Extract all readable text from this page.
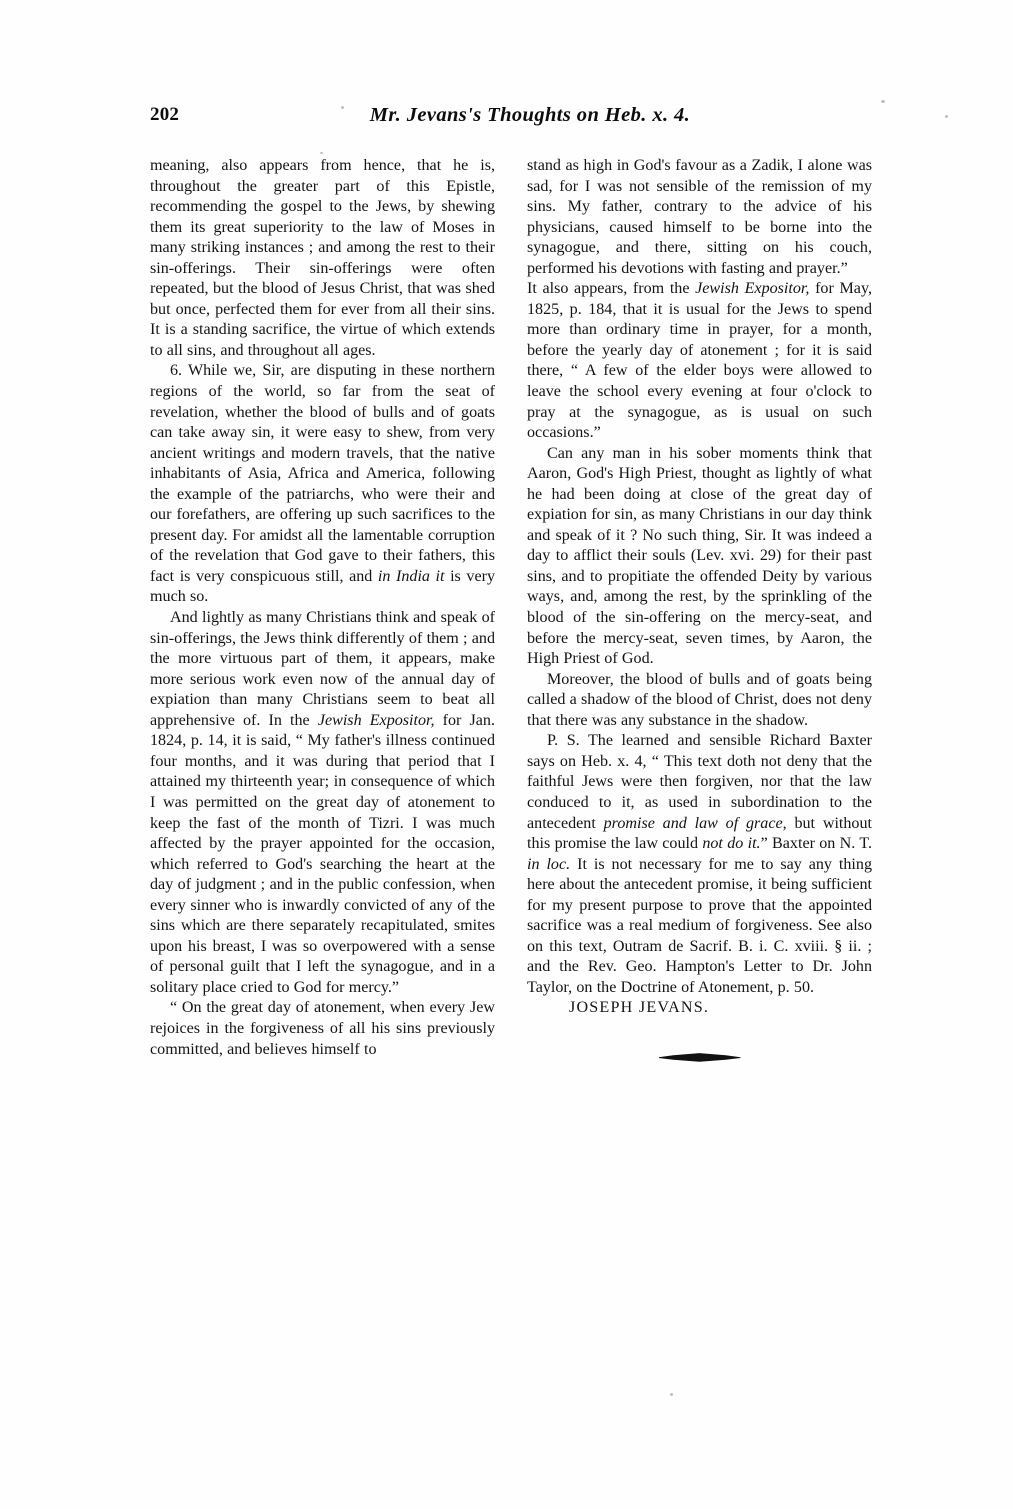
202	Mr. Jevans's Thoughts on Heb. x. 4.

meaning, also appears from hence, that he is, throughout the greater part of this Epistle, recommending the gospel to the Jews, by shewing them its great superiority to the law of Moses in many striking instances ; and among the rest to their sin-offerings. Their sin-offerings were often repeated, but the blood of Jesus Christ, that was shed but once, perfected them for ever from all their sins. It is a standing sacrifice, the virtue of which extends to all sins, and throughout all ages.

6. While we, Sir, are disputing in these northern regions of the world, so far from the seat of revelation, whether the blood of bulls and of goats can take away sin, it were easy to shew, from very ancient writings and modern travels, that the native inhabitants of Asia, Africa and America, following the example of the patriarchs, who were their and our forefathers, are offering up such sacrifices to the present day. For amidst all the lamentable corruption of the revelation that God gave to their fathers, this fact is very conspicuous still, and in India it is very much so.

And lightly as many Christians think and speak of sin-offerings, the Jews think differently of them ; and the more virtuous part of them, it appears, make more serious work even now of the annual day of expiation than many Christians seem to beat all apprehensive of. In the Jewish Expositor, for Jan. 1824, p. 14, it is said, “ My father's illness continued four months, and it was during that period that I attained my thirteenth year; in consequence of which I was permitted on the great day of atonement to keep the fast of the month of Tizri. I was much affected by the prayer appointed for the occasion, which referred to God's searching the heart at the day of judgment ; and in the public confession, when every sinner who is inwardly convicted of any of the sins which are there separately recapitulated, smites upon his breast, I was so overpowered with a sense of personal guilt that I left the synagogue, and in a solitary place cried to God for mercy.”

“ On the great day of atonement, when every Jew rejoices in the forgiveness of all his sins previously committed, and believes himself to

stand as high in God's favour as a Zadik, I alone was sad, for I was not sensible of the remission of my sins. My father, contrary to the advice of his physicians, caused himself to be borne into the synagogue, and there, sitting on his couch, performed his devotions with fasting and prayer.”

It also appears, from the Jewish Expositor, for May, 1825, p. 184, that it is usual for the Jews to spend more than ordinary time in prayer, for a month, before the yearly day of atonement ; for it is said there, “ A few of the elder boys were allowed to leave the school every evening at four o'clock to pray at the synagogue, as is usual on such occasions.”

Can any man in his sober moments think that Aaron, God's High Priest, thought as lightly of what he had been doing at close of the great day of expiation for sin, as many Christians in our day think and speak of it ? No such thing, Sir. It was indeed a day to afflict their souls (Lev. xvi. 29) for their past sins, and to propitiate the offended Deity by various ways, and, among the rest, by the sprinkling of the blood of the sin-offering on the mercy-seat, and before the mercy-seat, seven times, by Aaron, the High Priest of God.

Moreover, the blood of bulls and of goats being called a shadow of the blood of Christ, does not deny that there was any substance in the shadow.

P. S. The learned and sensible Richard Baxter says on Heb. x. 4, “ This text doth not deny that the faithful Jews were then forgiven, nor that the law conduced to it, as used in subordination to the antecedent promise and law of grace, but without this promise the law could not do it.” Baxter on N. T. in loc. It is not necessary for me to say any thing here about the antecedent promise, it being sufficient for my present purpose to prove that the appointed sacrifice was a real medium of forgiveness. See also on this text, Outram de Sacrif. B. i. C. xviii. § ii. ; and the Rev. Geo. Hampton's Letter to Dr. John Taylor, on the Doctrine of Atonement, p. 50.

JOSEPH JEVANS.
